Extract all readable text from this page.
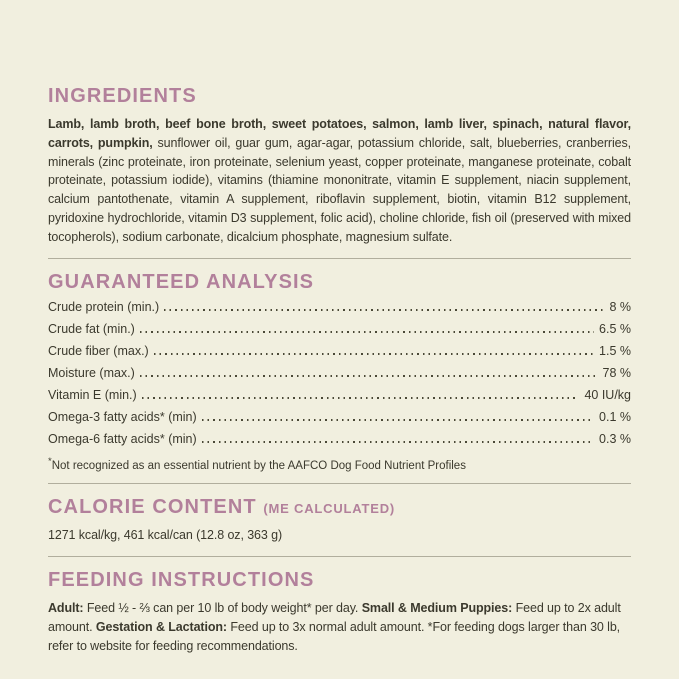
INGREDIENTS

Lamb, lamb broth, beef bone broth, sweet potatoes, salmon, lamb liver, spinach, natural flavor, carrots, pumpkin, sunflower oil, guar gum, agar-agar, potassium chloride, salt, blueberries, cranberries, minerals (zinc proteinate, iron proteinate, selenium yeast, copper proteinate, manganese proteinate, cobalt proteinate, potassium iodide), vitamins (thiamine mononitrate, vitamin E supplement, niacin supplement, calcium pantothenate, vitamin A supplement, riboflavin supplement, biotin, vitamin B12 supplement, pyridoxine hydrochloride, vitamin D3 supplement, folic acid), choline chloride, fish oil (preserved with mixed tocopherols), sodium carbonate, dicalcium phosphate, magnesium sulfate.

GUARANTEED ANALYSIS
Crude protein (min.)	8 %
Crude fat (min.)	6.5 %
Crude fiber (max.)	1.5 %
Moisture (max.)	78 %
Vitamin E (min.)	40 IU/kg
Omega-3 fatty acids* (min)	0.1 %
Omega-6 fatty acids* (min)	0.3 %

*Not recognized as an essential nutrient by the AAFCO Dog Food Nutrient Profiles

CALORIE CONTENT (ME CALCULATED)

1271 kcal/kg, 461 kcal/can (12.8 oz, 363 g)

FEEDING INSTRUCTIONS

Adult: Feed ½ - ⅔ can per 10 lb of body weight* per day. Small & Medium Puppies: Feed up to 2x adult amount. Gestation & Lactation: Feed up to 3x normal adult amount. *For feeding dogs larger than 30 lb, refer to website for feeding recommendations.
